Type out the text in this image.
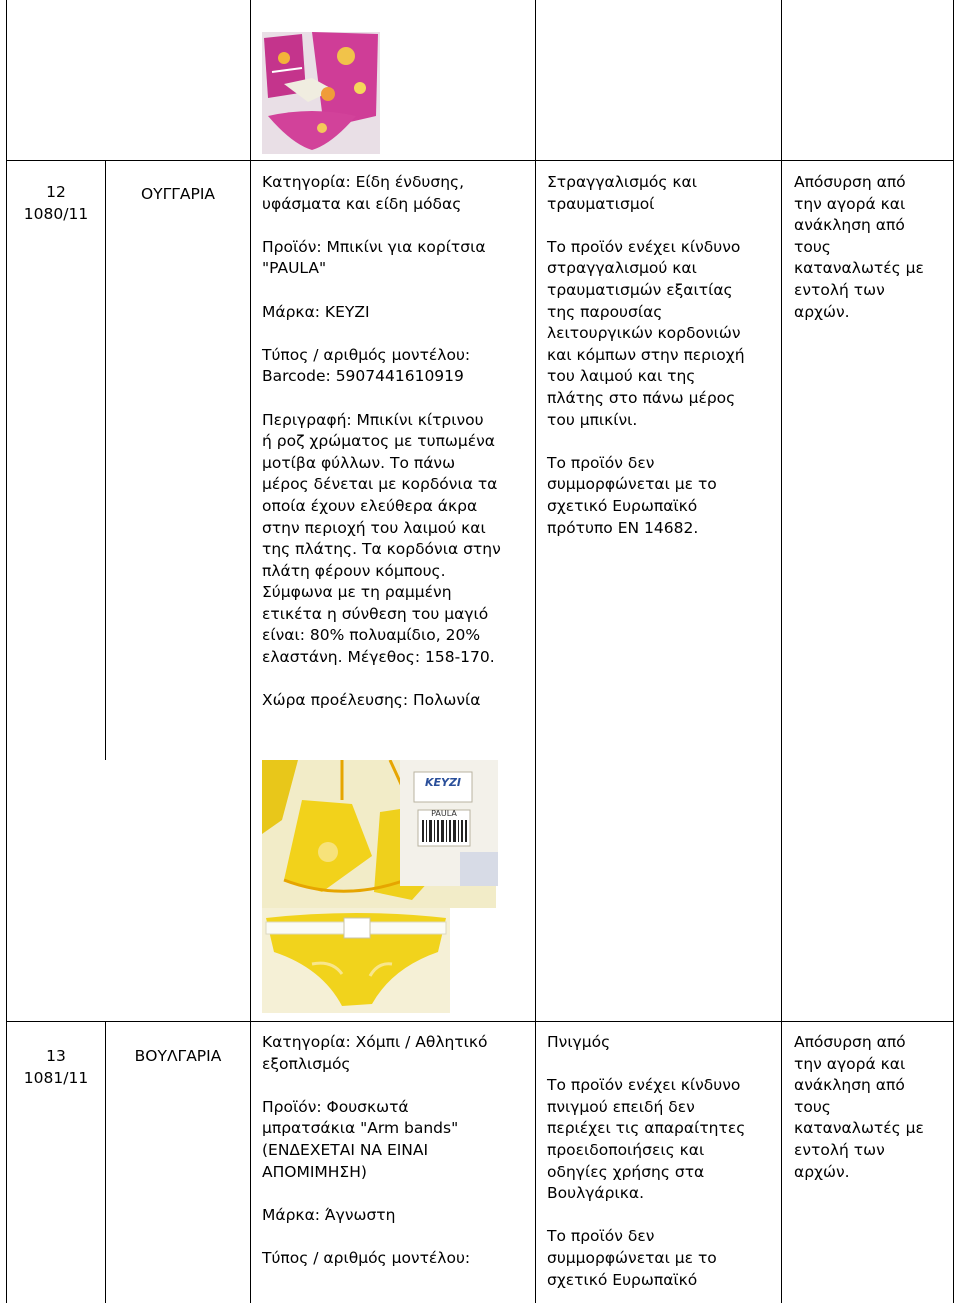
12

1080/11

ΟΥΓΓΑΡΙΑ

Κατηγορία: Είδη ένδυσης,

υφάσματα και είδη μόδας

Προϊόν: Μπικίνι για κορίτσια

"PAULA"

Μάρκα: KEYZI

Τύπος / αριθμός μοντέλου:

Barcode: 5907441610919

Περιγραφή: Μπικίνι κίτρινου

ή ροζ χρώματος με τυπωμένα

μοτίβα φύλλων. Το πάνω

μέρος δένεται με κορδόνια τα

οποία έχουν ελεύθερα άκρα

στην περιοχή του λαιμού και

της πλάτης. Τα κορδόνια στην

πλάτη φέρουν κόμπους.

Σύμφωνα με τη ραμμένη

ετικέτα η σύνθεση του μαγιό

είναι: 80% πολυαμίδιο, 20%

ελαστάνη. Μέγεθος: 158-170.

Χώρα προέλευσης: Πολωνία

Στραγγαλισμός και

τραυματισμοί

Το προϊόν ενέχει κίνδυνο

στραγγαλισμού και

τραυματισμών εξαιτίας

της παρουσίας

λειτουργικών κορδονιών

και κόμπων στην περιοχή

του λαιμού και της

πλάτης στο πάνω μέρος

του μπικίνι.

Το προϊόν δεν

συμμορφώνεται με το

σχετικό Ευρωπαϊκό

πρότυπο EN 14682.

Απόσυρση από

την αγορά και

ανάκληση από

τους

καταναλωτές με

εντολή των

αρχών.

KEYZI
PAULA

13

1081/11

ΒΟΥΛΓΑΡΙΑ

Κατηγορία: Χόμπι / Αθλητικό

εξοπλισμός

Προϊόν: Φουσκωτά

μπρατσάκια "Arm bands"

(ΕΝΔΕΧΕΤΑΙ ΝΑ ΕΙΝΑΙ

ΑΠΟΜΙΜΗΣΗ)

Μάρκα: Άγνωστη

Τύπος / αριθμός μοντέλου:

Πνιγμός

Το προϊόν ενέχει κίνδυνο

πνιγμού επειδή δεν

περιέχει τις απαραίτητες

προειδοποιήσεις και

οδηγίες χρήσης στα

Βουλγάρικα.

Το προϊόν δεν

συμμορφώνεται με το

σχετικό Ευρωπαϊκό

Απόσυρση από

την αγορά και

ανάκληση από

τους

καταναλωτές με

εντολή των

αρχών.
